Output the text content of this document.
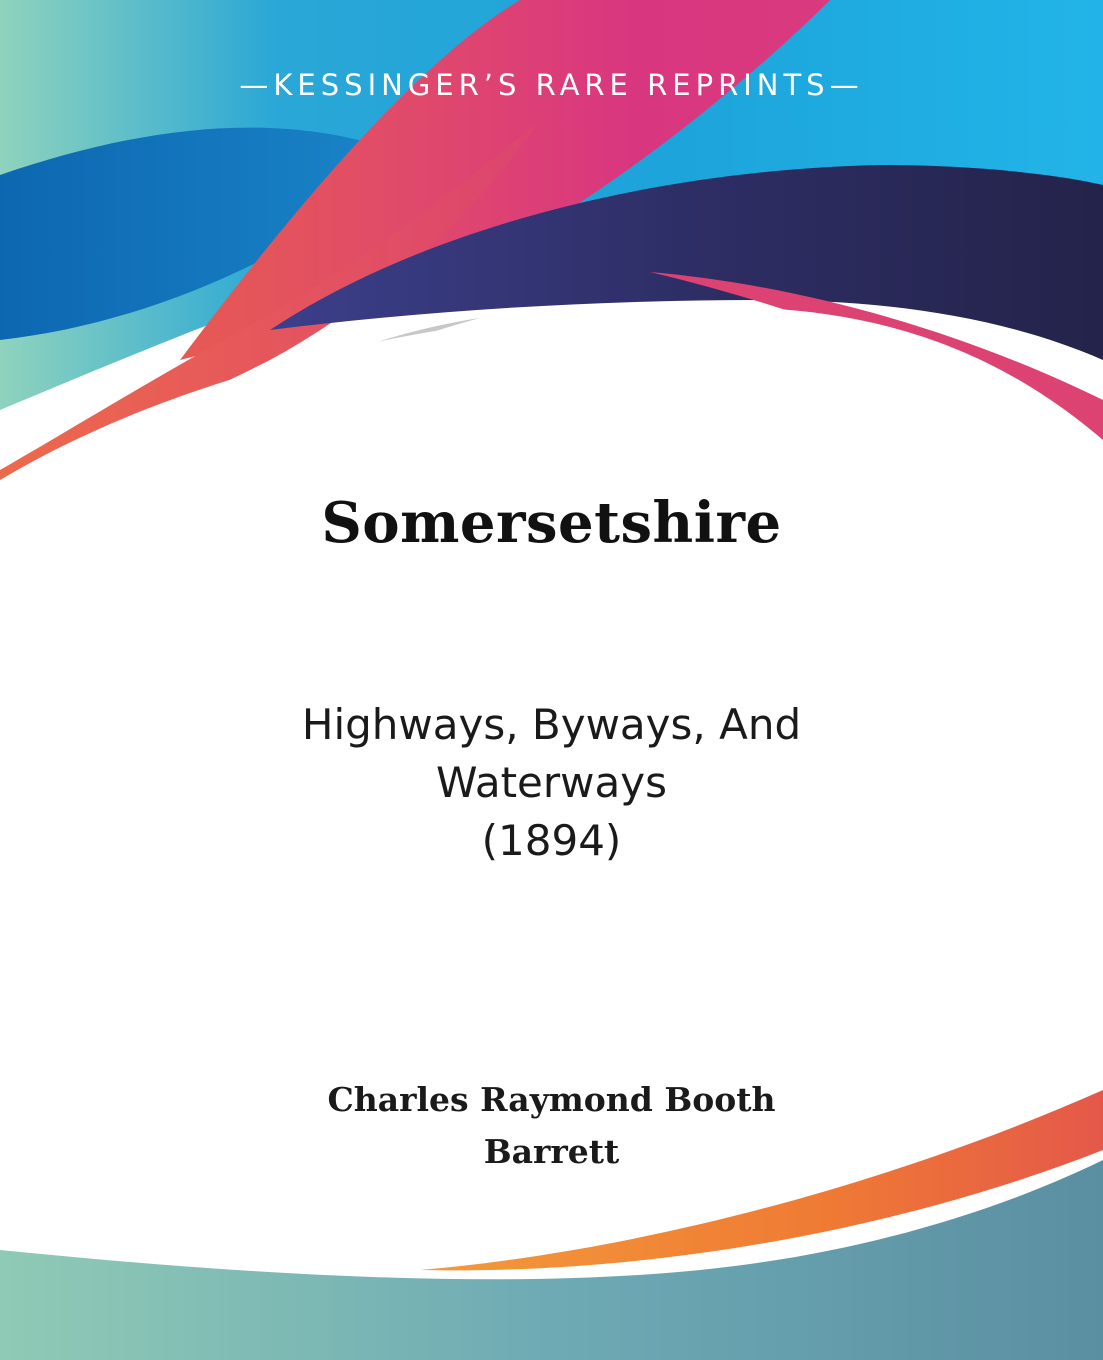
—KESSINGER’S RARE REPRINTS—
Somersetshire
Highways, Byways, And
Waterways
(1894)
Charles Raymond Booth
Barrett
